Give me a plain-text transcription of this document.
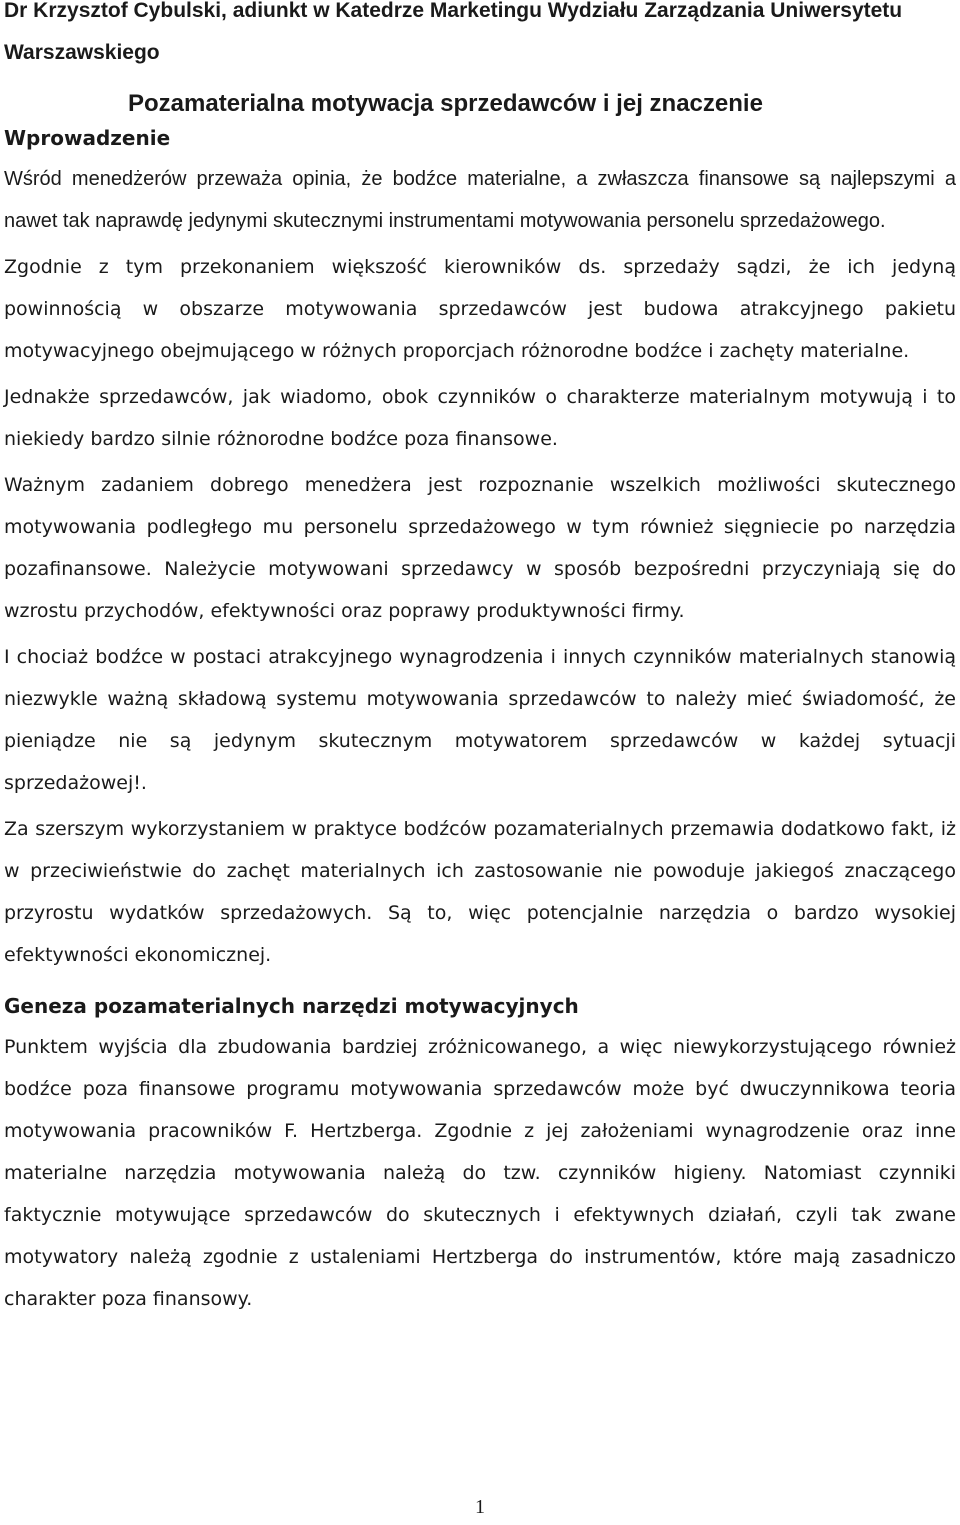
Dr Krzysztof Cybulski, adiunkt w Katedrze Marketingu Wydziału Zarządzania Uniwersytetu Warszawskiego
Pozamaterialna motywacja sprzedawców i jej znaczenie
Wprowadzenie

Wśród menedżerów przeważa opinia, że bodźce materialne, a zwłaszcza finansowe są najlepszymi a nawet tak naprawdę jedynymi skutecznymi instrumentami motywowania personelu sprzedażowego.

Zgodnie z tym przekonaniem większość kierowników ds. sprzedaży sądzi, że ich jedyną powinnością w obszarze motywowania sprzedawców jest budowa atrakcyjnego pakietu motywacyjnego obejmującego w różnych proporcjach różnorodne bodźce i zachęty materialne.

Jednakże sprzedawców, jak wiadomo, obok czynników o charakterze materialnym motywują i to niekiedy bardzo silnie różnorodne bodźce poza finansowe.

Ważnym zadaniem dobrego menedżera jest rozpoznanie wszelkich możliwości skutecznego motywowania podległego mu personelu sprzedażowego w tym również sięgniecie po narzędzia pozafinansowe. Należycie motywowani sprzedawcy w sposób bezpośredni przyczyniają się do wzrostu przychodów, efektywności oraz poprawy produktywności firmy.

I chociaż bodźce w postaci atrakcyjnego wynagrodzenia i innych czynników materialnych stanowią niezwykle ważną składową systemu motywowania sprzedawców to należy mieć świadomość, że pieniądze nie są jedynym skutecznym motywatorem sprzedawców w każdej sytuacji sprzedażowej!.

Za szerszym wykorzystaniem w praktyce bodźców pozamaterialnych przemawia dodatkowo fakt, iż w przeciwieństwie do zachęt materialnych ich zastosowanie nie powoduje jakiegoś znaczącego przyrostu wydatków sprzedażowych. Są to, więc potencjalnie narzędzia o bardzo wysokiej efektywności ekonomicznej.

Geneza pozamaterialnych narzędzi motywacyjnych

Punktem wyjścia dla zbudowania bardziej zróżnicowanego, a więc niewykorzystującego również bodźce poza finansowe programu motywowania sprzedawców może być dwuczynnikowa teoria motywowania pracowników F. Hertzberga. Zgodnie z jej założeniami wynagrodzenie oraz inne materialne narzędzia motywowania należą do tzw. czynników higieny. Natomiast czynniki faktycznie motywujące sprzedawców do skutecznych i efektywnych działań, czyli tak zwane motywatory należą zgodnie z ustaleniami Hertzberga do instrumentów, które mają zasadniczo charakter poza finansowy.

1
